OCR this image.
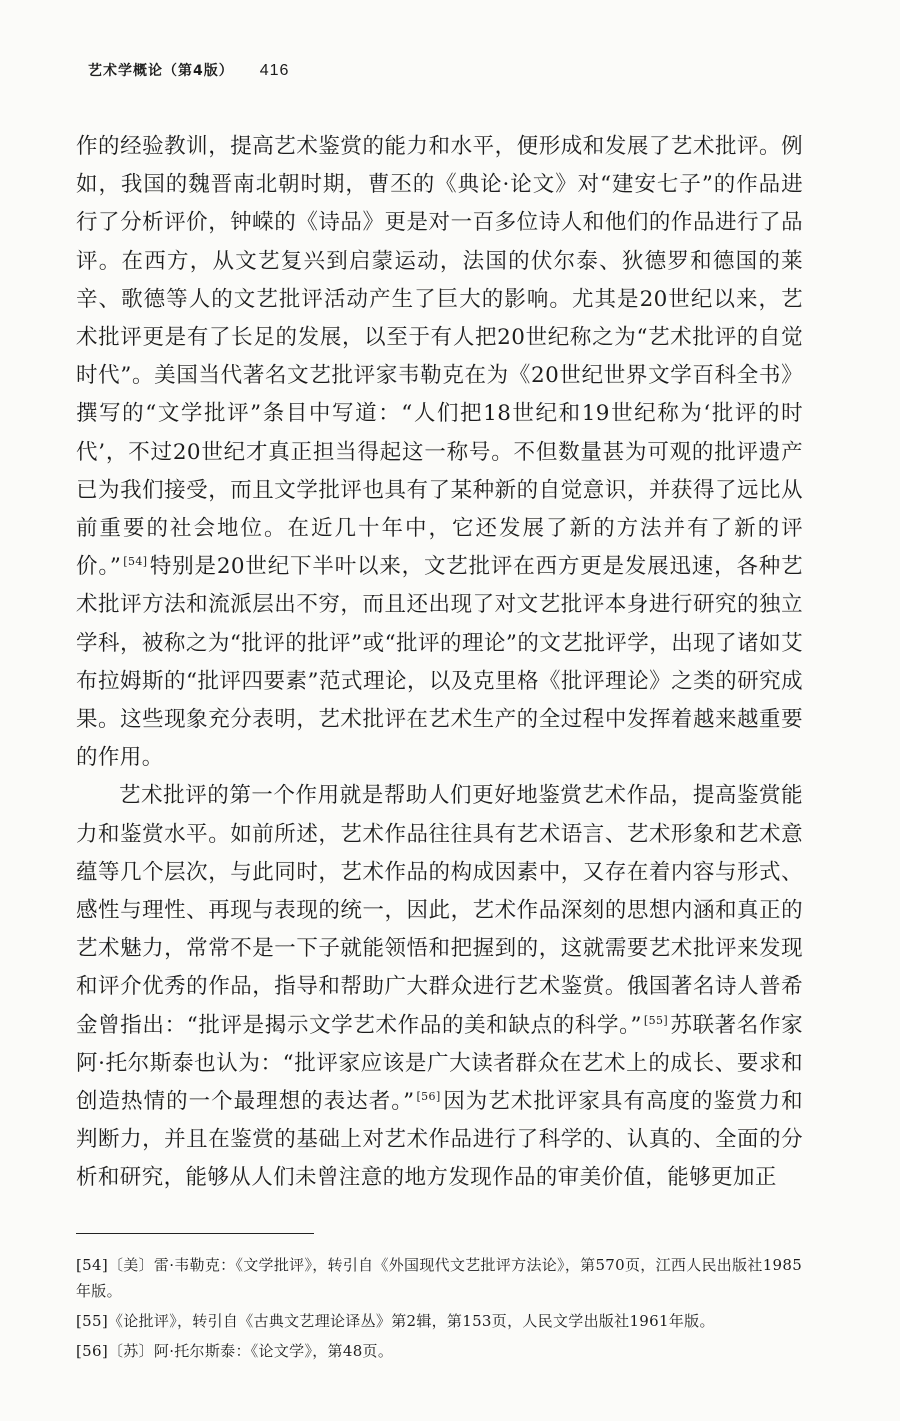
艺术学概论（第4版） 416

作的经验教训，提高艺术鉴赏的能力和水平，便形成和发展了艺术批评。例如，我国的魏晋南北朝时期，曹丕的《典论·论文》对“建安七子”的作品进行了分析评价，钟嵘的《诗品》更是对一百多位诗人和他们的作品进行了品评。在西方，从文艺复兴到启蒙运动，法国的伏尔泰、狄德罗和德国的莱辛、歌德等人的文艺批评活动产生了巨大的影响。尤其是20世纪以来，艺术批评更是有了长足的发展，以至于有人把20世纪称之为“艺术批评的自觉时代”。美国当代著名文艺批评家韦勒克在为《20世纪世界文学百科全书》撰写的“文学批评”条目中写道：“人们把18世纪和19世纪称为‘批评的时代’，不过20世纪才真正担当得起这一称号。不但数量甚为可观的批评遗产已为我们接受，而且文学批评也具有了某种新的自觉意识，并获得了远比从前重要的社会地位。在近几十年中，它还发展了新的方法并有了新的评价。” [54]特别是20世纪下半叶以来，文艺批评在西方更是发展迅速，各种艺术批评方法和流派层出不穷，而且还出现了对文艺批评本身进行研究的独立学科，被称之为“批评的批评”或“批评的理论”的文艺批评学，出现了诸如艾布拉姆斯的“批评四要素”范式理论，以及克里格《批评理论》之类的研究成果。这些现象充分表明，艺术批评在艺术生产的全过程中发挥着越来越重要的作用。

艺术批评的第一个作用就是帮助人们更好地鉴赏艺术作品，提高鉴赏能力和鉴赏水平。如前所述，艺术作品往往具有艺术语言、艺术形象和艺术意蕴等几个层次，与此同时，艺术作品的构成因素中，又存在着内容与形式、感性与理性、再现与表现的统一，因此，艺术作品深刻的思想内涵和真正的艺术魅力，常常不是一下子就能领悟和把握到的，这就需要艺术批评来发现和评介优秀的作品，指导和帮助广大群众进行艺术鉴赏。俄国著名诗人普希金曾指出：“批评是揭示文学艺术作品的美和缺点的科学。” [55]苏联著名作家阿·托尔斯泰也认为：“批评家应该是广大读者群众在艺术上的成长、要求和创造热情的一个最理想的表达者。” [56]因为艺术批评家具有高度的鉴赏力和判断力，并且在鉴赏的基础上对艺术作品进行了科学的、认真的、全面的分析和研究，能够从人们未曾注意的地方发现作品的审美价值，能够更加正

[54]〔美〕雷·韦勒克：《文学批评》，转引自《外国现代文艺批评方法论》，第570页，江西人民出版社1985年版。

[55]《论批评》，转引自《古典文艺理论译丛》第2辑，第153页，人民文学出版社1961年版。

[56]〔苏〕阿·托尔斯泰：《论文学》，第48页。
